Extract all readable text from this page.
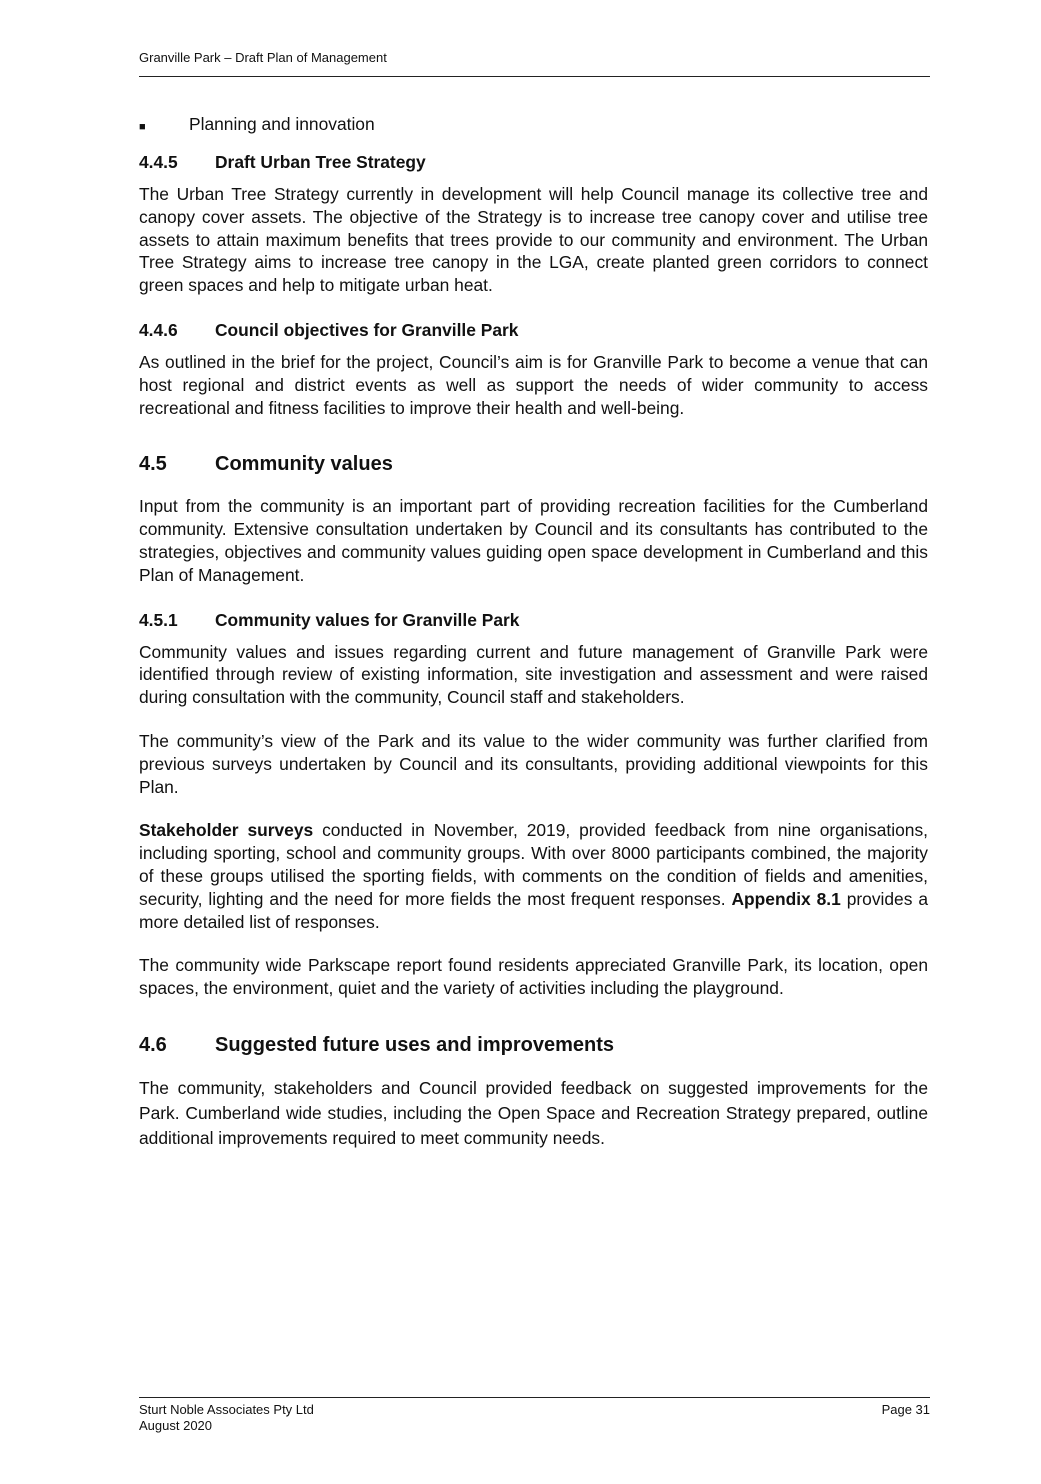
Granville Park – Draft Plan of Management
■	Planning and innovation
4.4.5	Draft Urban Tree Strategy

The Urban Tree Strategy currently in development will help Council manage its collective tree and canopy cover assets. The objective of the Strategy is to increase tree canopy cover and utilise tree assets to attain maximum benefits that trees provide to our community and environment. The Urban Tree Strategy aims to increase tree canopy in the LGA, create planted green corridors to connect green spaces and help to mitigate urban heat.

4.4.6	Council objectives for Granville Park

As outlined in the brief for the project, Council’s aim is for Granville Park to become a venue that can host regional and district events as well as support the needs of wider community to access recreational and fitness facilities to improve their health and well-being.

4.5	Community values

Input from the community is an important part of providing recreation facilities for the Cumberland community. Extensive consultation undertaken by Council and its consultants has contributed to the strategies, objectives and community values guiding open space development in Cumberland and this Plan of Management.

4.5.1	Community values for Granville Park

Community values and issues regarding current and future management of Granville Park were identified through review of existing information, site investigation and assessment and were raised during consultation with the community, Council staff and stakeholders.

The community’s view of the Park and its value to the wider community was further clarified from previous surveys undertaken by Council and its consultants, providing additional viewpoints for this Plan.

Stakeholder surveys conducted in November, 2019, provided feedback from nine organisations, including sporting, school and community groups. With over 8000 participants combined, the majority of these groups utilised the sporting fields, with comments on the condition of fields and amenities, security, lighting and the need for more fields the most frequent responses. Appendix 8.1 provides a more detailed list of responses.

The community wide Parkscape report found residents appreciated Granville Park, its location, open spaces, the environment, quiet and the variety of activities including the playground.

4.6	Suggested future uses and improvements

The community, stakeholders and Council provided feedback on suggested improvements for the Park. Cumberland wide studies, including the Open Space and Recreation Strategy prepared, outline additional improvements required to meet community needs.

Sturt Noble Associates Pty Ltd
August 2020
Page 31
